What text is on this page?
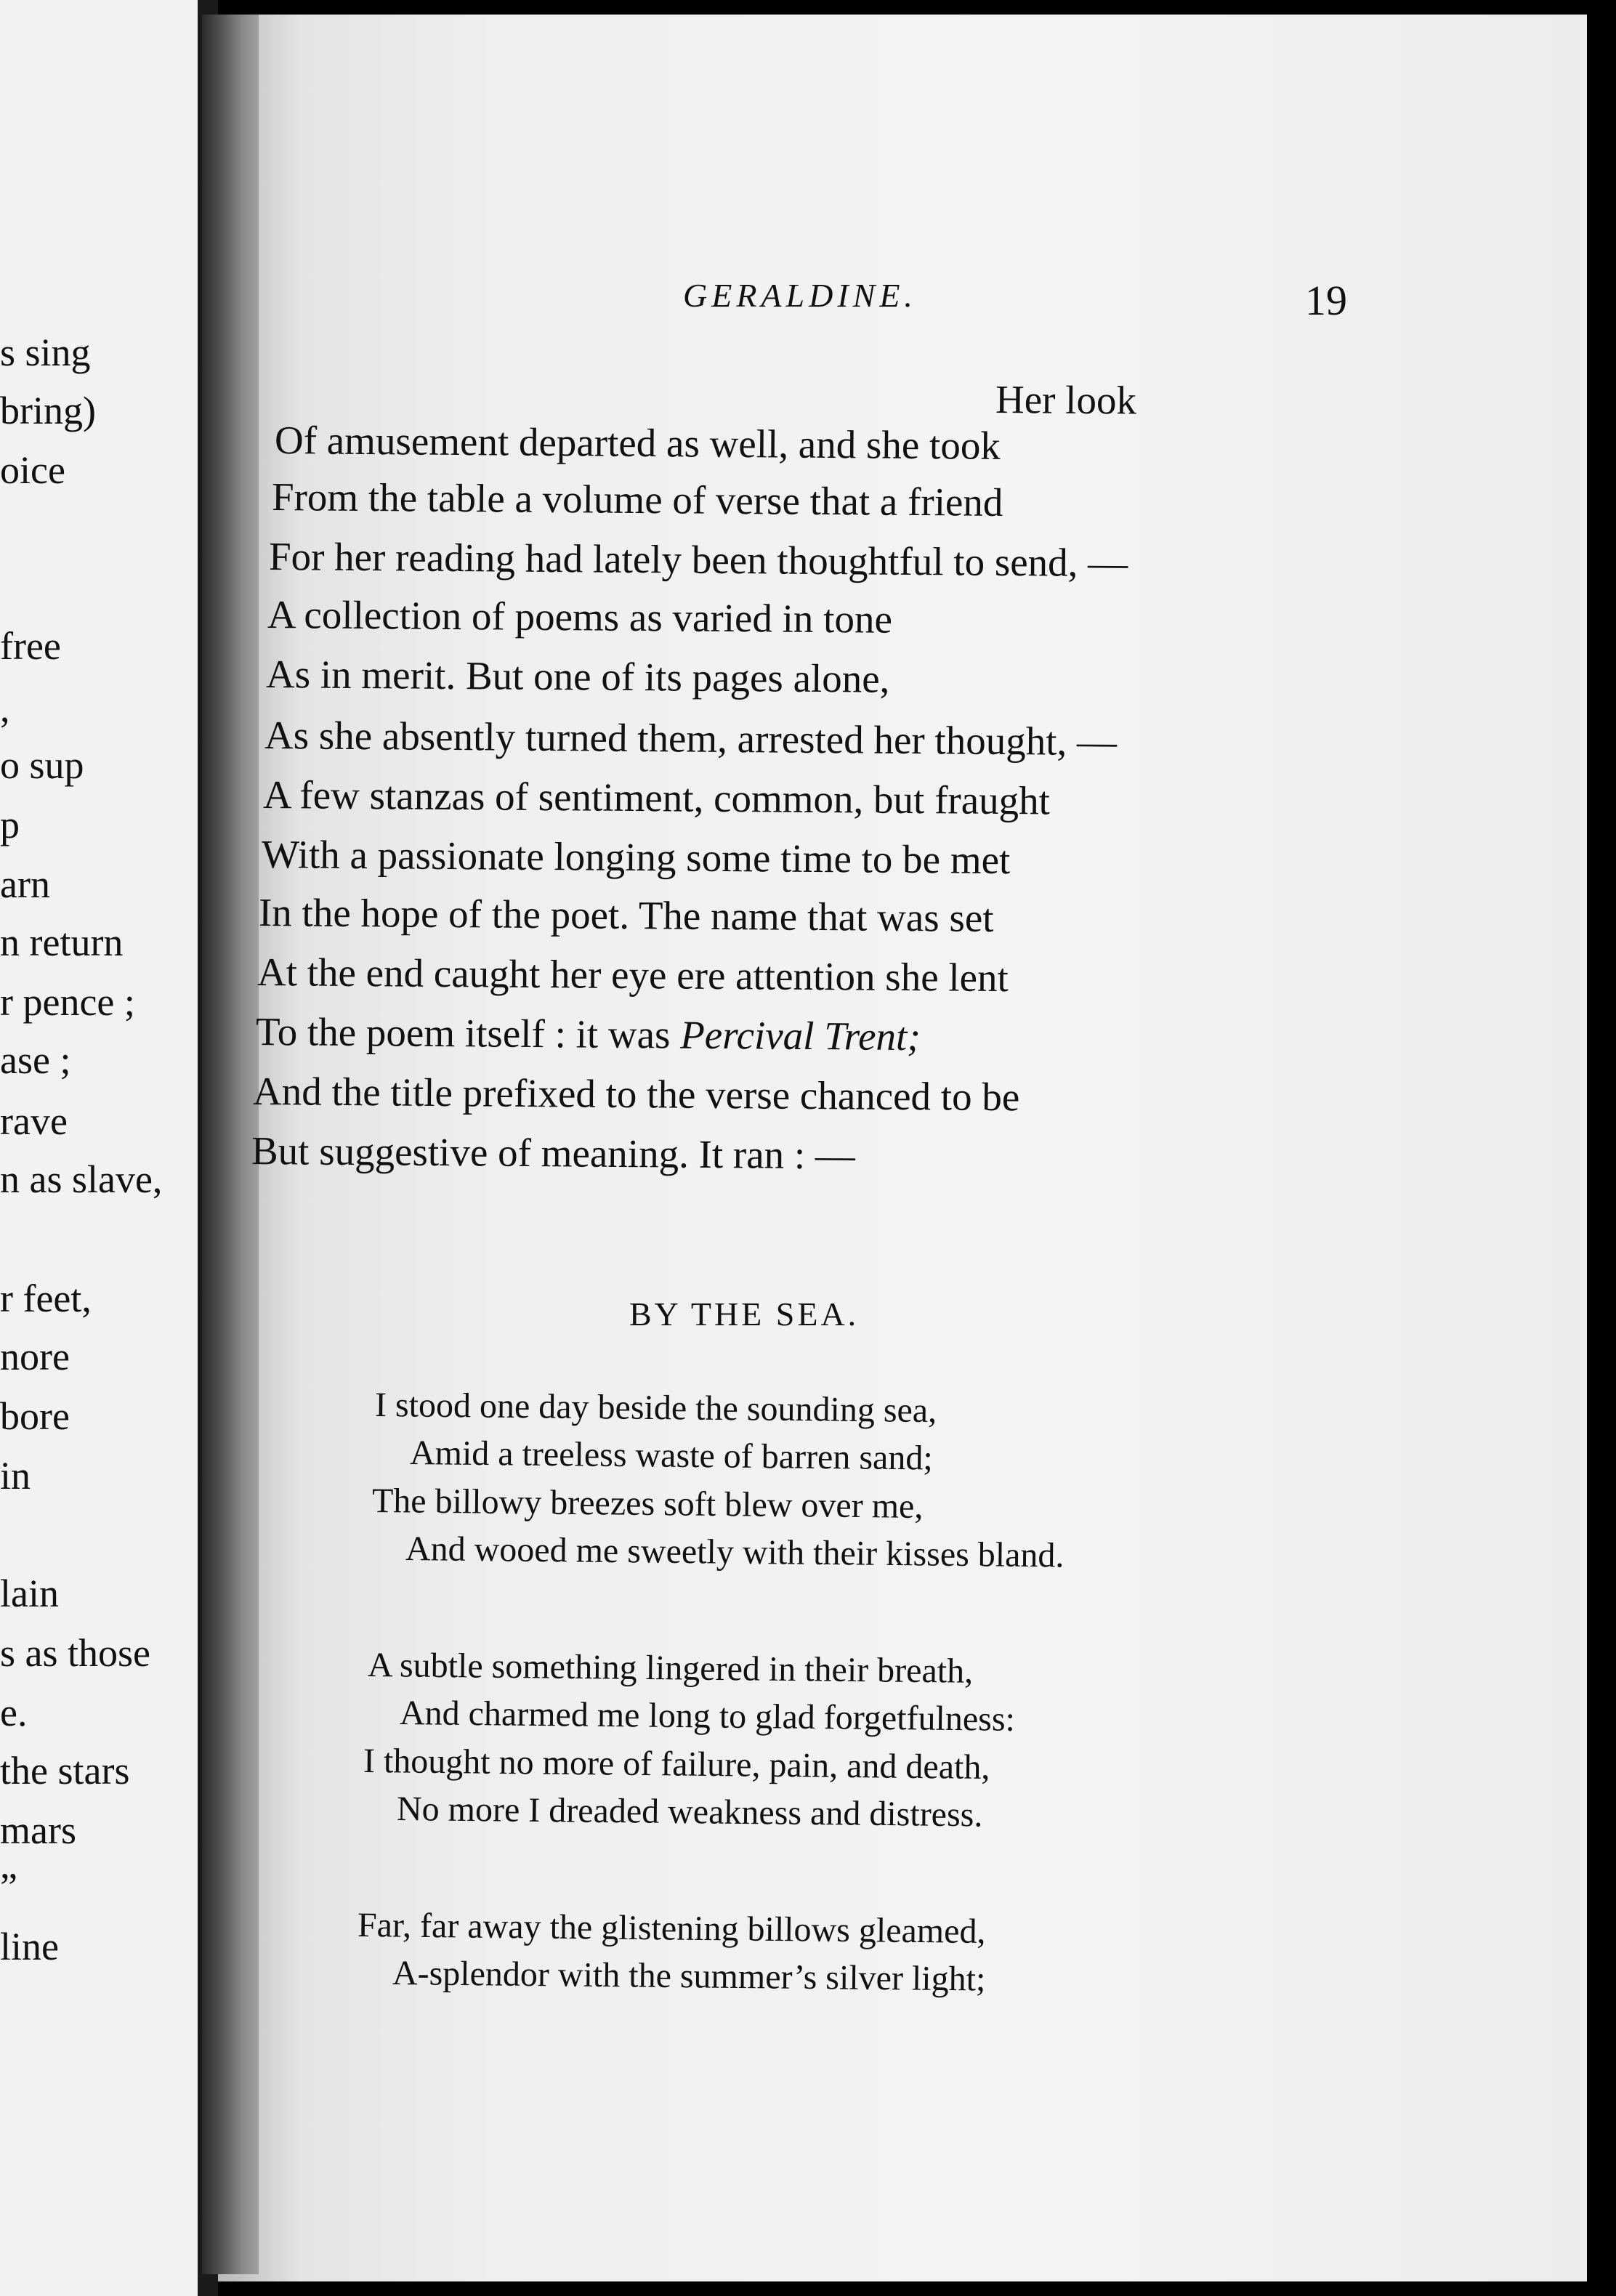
s sing
bring)
oice
free
,
o sup
p
arn
n return
r pence ;
ase ;
rave
n as slave,
r feet,
nore
bore
in
lain
s as those
e.
the stars
mars
”
line
GERALDINE.	19
Her look
Of amusement departed as well, and she took
From the table a volume of verse that a friend
For her reading had lately been thoughtful to send, —
A collection of poems as varied in tone
As in merit. But one of its pages alone,
As she absently turned them, arrested her thought, —
A few stanzas of sentiment, common, but fraught
With a passionate longing some time to be met
In the hope of the poet. The name that was set
At the end caught her eye ere attention she lent
To the poem itself : it was Percival Trent;
And the title prefixed to the verse chanced to be
But suggestive of meaning. It ran : —
BY THE SEA.
I stood one day beside the sounding sea,
Amid a treeless waste of barren sand;
The billowy breezes soft blew over me,
And wooed me sweetly with their kisses bland.
A subtle something lingered in their breath,
And charmed me long to glad forgetfulness:
I thought no more of failure, pain, and death,
No more I dreaded weakness and distress.
Far, far away the glistening billows gleamed,
A-splendor with the summer’s silver light;
